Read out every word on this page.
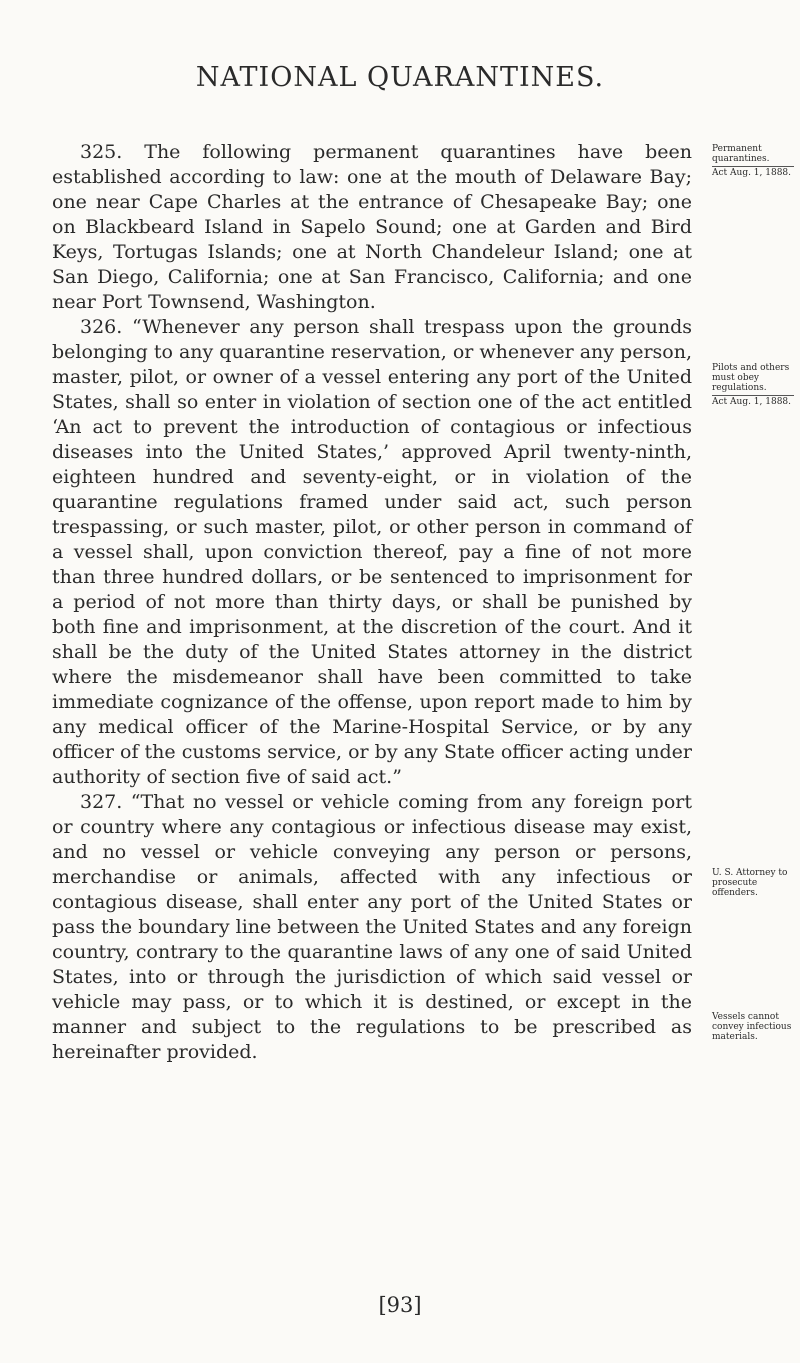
NATIONAL QUARANTINES.

325. The following permanent quarantines have been established according to law: one at the mouth of Delaware Bay; one near Cape Charles at the entrance of Chesapeake Bay; one on Blackbeard Island in Sapelo Sound; one at Garden and Bird Keys, Tortugas Islands; one at North Chandeleur Island; one at San Diego, California; one at San Francisco, California; and one near Port Townsend, Washington.

326. “Whenever any person shall trespass upon the grounds belonging to any quarantine reservation, or whenever any person, master, pilot, or owner of a vessel entering any port of the United States, shall so enter in violation of section one of the act entitled ‘An act to prevent the introduction of contagious or infectious diseases into the United States,’ approved April twenty-ninth, eighteen hundred and seventy-eight, or in violation of the quarantine regulations framed under said act, such person trespassing, or such master, pilot, or other person in command of a vessel shall, upon conviction thereof, pay a fine of not more than three hundred dollars, or be sentenced to imprisonment for a period of not more than thirty days, or shall be punished by both fine and imprisonment, at the discretion of the court. And it shall be the duty of the United States attorney in the district where the misdemeanor shall have been committed to take immediate cognizance of the offense, upon report made to him by any medical officer of the Marine-Hospital Service, or by any officer of the customs service, or by any State officer acting under authority of section five of said act.”

327. “That no vessel or vehicle coming from any foreign port or country where any contagious or infectious disease may exist, and no vessel or vehicle conveying any person or persons, merchandise or animals, affected with any infectious or contagious disease, shall enter any port of the United States or pass the boundary line between the United States and any foreign country, contrary to the quarantine laws of any one of said United States, into or through the jurisdiction of which said vessel or vehicle may pass, or to which it is destined, or except in the manner and subject to the regulations to be prescribed as hereinafter provided.

Permanent quarantines.
Act Aug. 1, 1888.
Pilots and others must obey regulations.
Act Aug. 1, 1888.
U. S. Attorney to prosecute offenders.
Vessels cannot convey infectious materials.
[93]
